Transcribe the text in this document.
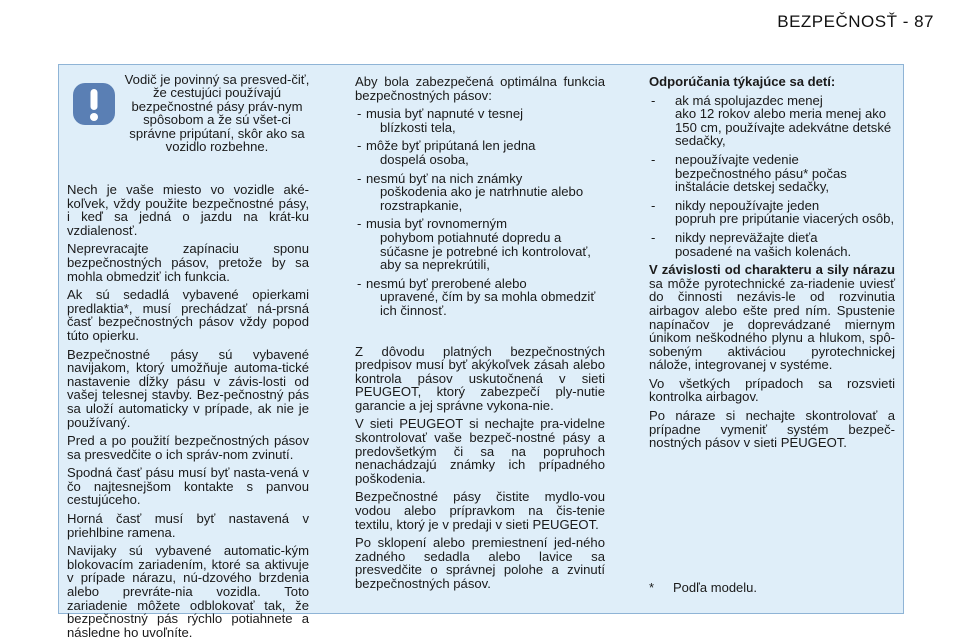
BEZPEČNOSŤ - 87
Vodič je povinný sa presved-čiť, že cestujúci používajú bezpečnostné pásy práv-nym spôsobom a že sú všet-ci správne pripútaní, skôr ako sa vozidlo rozbehne.

Nech je vaše miesto vo vozidle aké-koľvek, vždy použite bezpečnostné pásy, i keď sa jedná o jazdu na krát-ku vzdialenosť.

Neprevracajte zapínaciu sponu bezpečnostných pásov, pretože by sa mohla obmedziť ich funkcia.

Ak sú sedadlá vybavené opierkami predlaktia*, musí prechádzať ná-prsná časť bezpečnostných pásov vždy popod túto opierku.

Bezpečnostné pásy sú vybavené navijakom, ktorý umožňuje automa-tické nastavenie dĺžky pásu v závis-losti od vašej telesnej stavby. Bez-pečnostný pás sa uloží automaticky v prípade, ak nie je používaný.

Pred a po použití bezpečnostných pásov sa presvedčite o ich správ-nom zvinutí.

Spodná časť pásu musí byť nasta-vená v čo najtesnejšom kontakte s panvou cestujúceho.

Horná časť musí byť nastavená v priehlbine ramena.

Navijaky sú vybavené automatic-kým blokovacím zariadením, ktoré sa aktivuje v prípade nárazu, nú-dzového brzdenia alebo prevráte-nia vozidla. Toto zariadenie môžete odblokovať tak, že bezpečnostný pás rýchlo potiahnete a následne ho uvoľníte.

Aby bola zabezpečená optimálna funkcia bezpečnostných pásov:

- musia byť napnuté v tesnej
blízkosti tela,
- môže byť pripútaná len jedna
dospelá osoba,
- nesmú byť na nich známky
poškodenia ako je natrhnutie alebo rozstrapkanie,
- musia byť rovnomerným
pohybom potiahnuté dopredu a súčasne je potrebné ich kontrolovať, aby sa neprekrútili,
- nesmú byť prerobené alebo
upravené, čím by sa mohla obmedziť ich činnosť.

Z dôvodu platných bezpečnostných predpisov musí byť akýkoľvek zásah alebo kontrola pásov uskutočnená v sieti PEUGEOT, ktorý zabezpečí ply-nutie garancie a jej správne vykona-nie.

V sieti PEUGEOT si nechajte pra-videlne skontrolovať vaše bezpeč-nostné pásy a predovšetkým či sa na popruhoch nenachádzajú známky ich prípadného poškodenia.

Bezpečnostné pásy čistite mydlo-vou vodou alebo prípravkom na čis-tenie textilu, ktorý je v predaji v sieti PEUGEOT.

Po sklopení alebo premiestnení jed-ného zadného sedadla alebo lavice sa presvedčite o správnej polohe a zvinutí bezpečnostných pásov.

Odporúčania týkajúce sa detí:

- ak má spolujazdec menej
ako 12 rokov alebo meria menej ako 150 cm, používajte adekvátne detské sedačky,
- nepoužívajte vedenie
bezpečnostného pásu* počas inštalácie detskej sedačky,
- nikdy nepoužívajte jeden
popruh pre pripútanie viacerých osôb,
- nikdy nepreväžajte dieťa
posadené na vašich kolenách.

V závislosti od charakteru a sily nárazu sa môže pyrotechnické za-riadenie uviesť do činnosti nezávis-le od rozvinutia airbagov alebo ešte pred ním. Spustenie napínačov je doprevádzané miernym únikom neškodného plynu a hlukom, spô-sobeným aktiváciou pyrotechnickej nálože, integrovanej v systéme.

Vo všetkých prípadoch sa rozsvieti kontrolka airbagov.

Po náraze si nechajte skontrolovať a prípadne vymeniť systém bezpeč-nostných pásov v sieti PEUGEOT.

* Podľa modelu.
